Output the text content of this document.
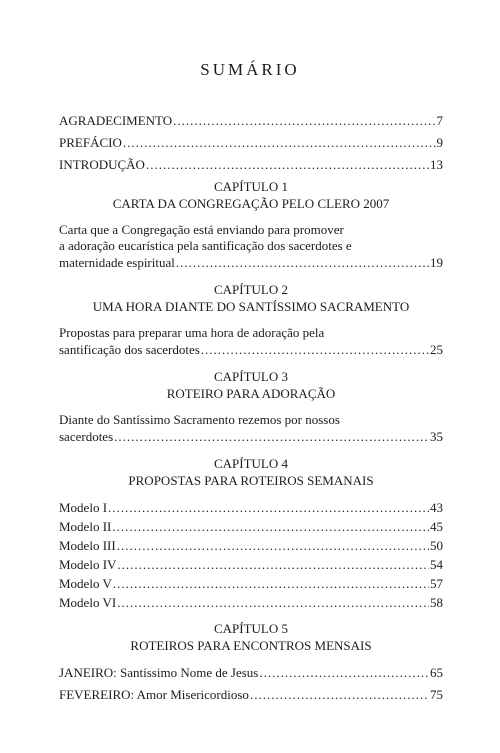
SUMÁRIO
AGRADECIMENTO .....	7
PREFÁCIO .....	9
INTRODUÇÃO .....	13
CAPÍTULO 1
CARTA DA CONGREGAÇÃO PELO CLERO 2007
Carta que a Congregação está enviando para promover
a adoração eucarística pela santificação dos sacerdotes e
maternidade espiritual .....	19
CAPÍTULO 2
UMA HORA DIANTE DO SANTÍSSIMO SACRAMENTO
Propostas para preparar uma hora de adoração pela
santificação dos sacerdotes .....	25
CAPÍTULO 3
ROTEIRO PARA ADORAÇÃO
Diante do Santíssimo Sacramento rezemos por nossos
sacerdotes .....	35
CAPÍTULO 4
PROPOSTAS PARA ROTEIROS SEMANAIS
Modelo I .....	43
Modelo II .....	45
Modelo III .....	50
Modelo IV .....	54
Modelo V .....	57
Modelo VI .....	58
CAPÍTULO 5
ROTEIROS PARA ENCONTROS MENSAIS
JANEIRO: Santíssimo Nome de Jesus .....	65
FEVEREIRO: Amor Misericordioso .....	75
